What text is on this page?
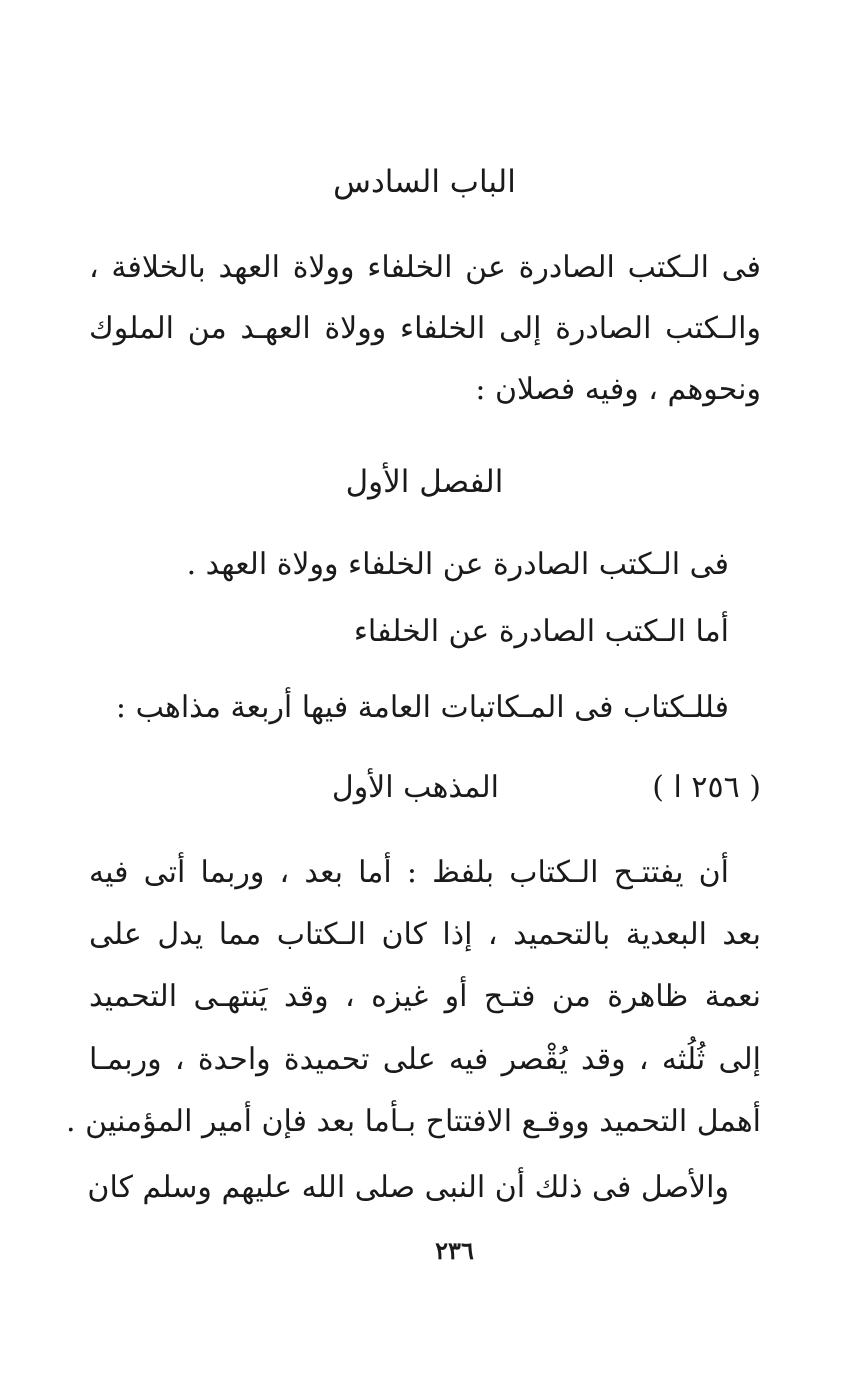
الباب السادس
فى الـكتب الصادرة عن الخلفاء وولاة العهد بالخلافة ،
والـكتب الصادرة إلى الخلفاء وولاة العهـد من الملوك
ونحوهم ، وفيه فصلان :
الفصل الأول
فى الـكتب الصادرة عن الخلفاء وولاة العهد .
أما الـكتب الصادرة عن الخلفاء
فللـكتاب فى المـكاتبات العامة فيها أربعة مذاهب :
( ٢٥٦ ا )
المذهب الأول
أن يفتتـح الـكتاب بلفظ : أما بعد ، وربما أتى فيه
بعد البعدية بالتحميد ، إذا كان الـكتاب مما يدل على
نعمة ظاهرة من فتـح أو غيزه ، وقد يَنتهـى التحميد
إلى ثُلُثه ، وقد يُقْصر فيه على تحميدة واحدة ، وربمـا
أهمل التحميد ووقـع الافتتاح بـأما بعد فإن أمير المؤمنين .
والأصل فى ذلك أن النبى صلى الله عليهم وسلم كان
٢٣٦
